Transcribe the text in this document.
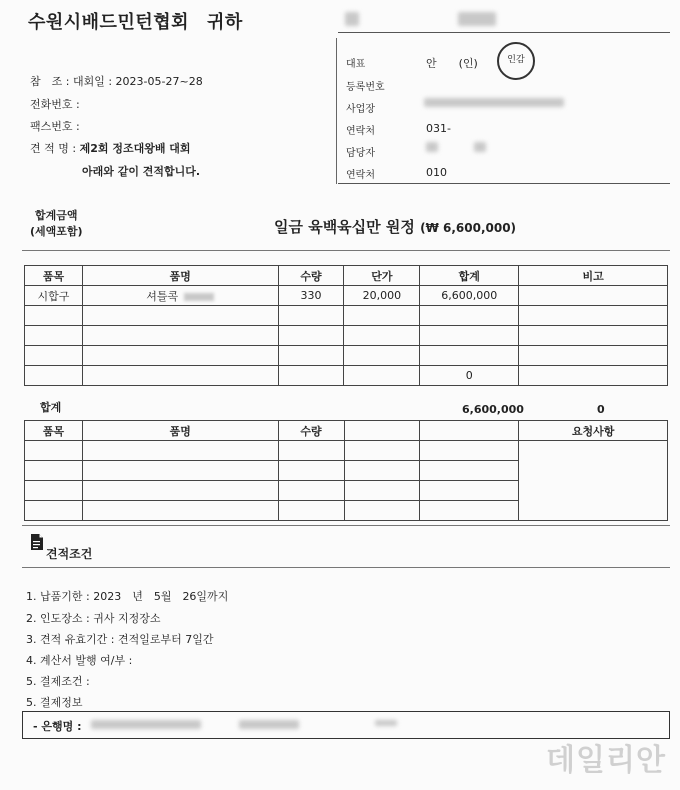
수원시배드민턴협회 귀하
참　조 : 대회일 : 2023-05-27~28
전화번호 :
팩스번호 :
견 적 명 : 제2회 정조대왕배 대회
아래와 같이 견적합니다.
대표	안　　(인)	인감
등록번호
사업장
연락처	031-
담당자
연락처	010
합계금액
(세액포함)	일금 육백육십만 원정 (₩ 6,600,000)
품목	품명	수량	단가	합계	비고
시합구	셔틀콕	330	20,000	6,600,000	

				0	
합계	6,600,000	0
품목	품명	수량			요청사항

견적조건
1. 납품기한 : 2023　년　5월　26일까지
2. 인도장소 : 귀사 지정장소
3. 견적 유효기간 : 견적일로부터 7일간
4. 계산서 발행 여/부 :
5. 결제조건 :
5. 결제정보
- 은행명 :
데일리안
